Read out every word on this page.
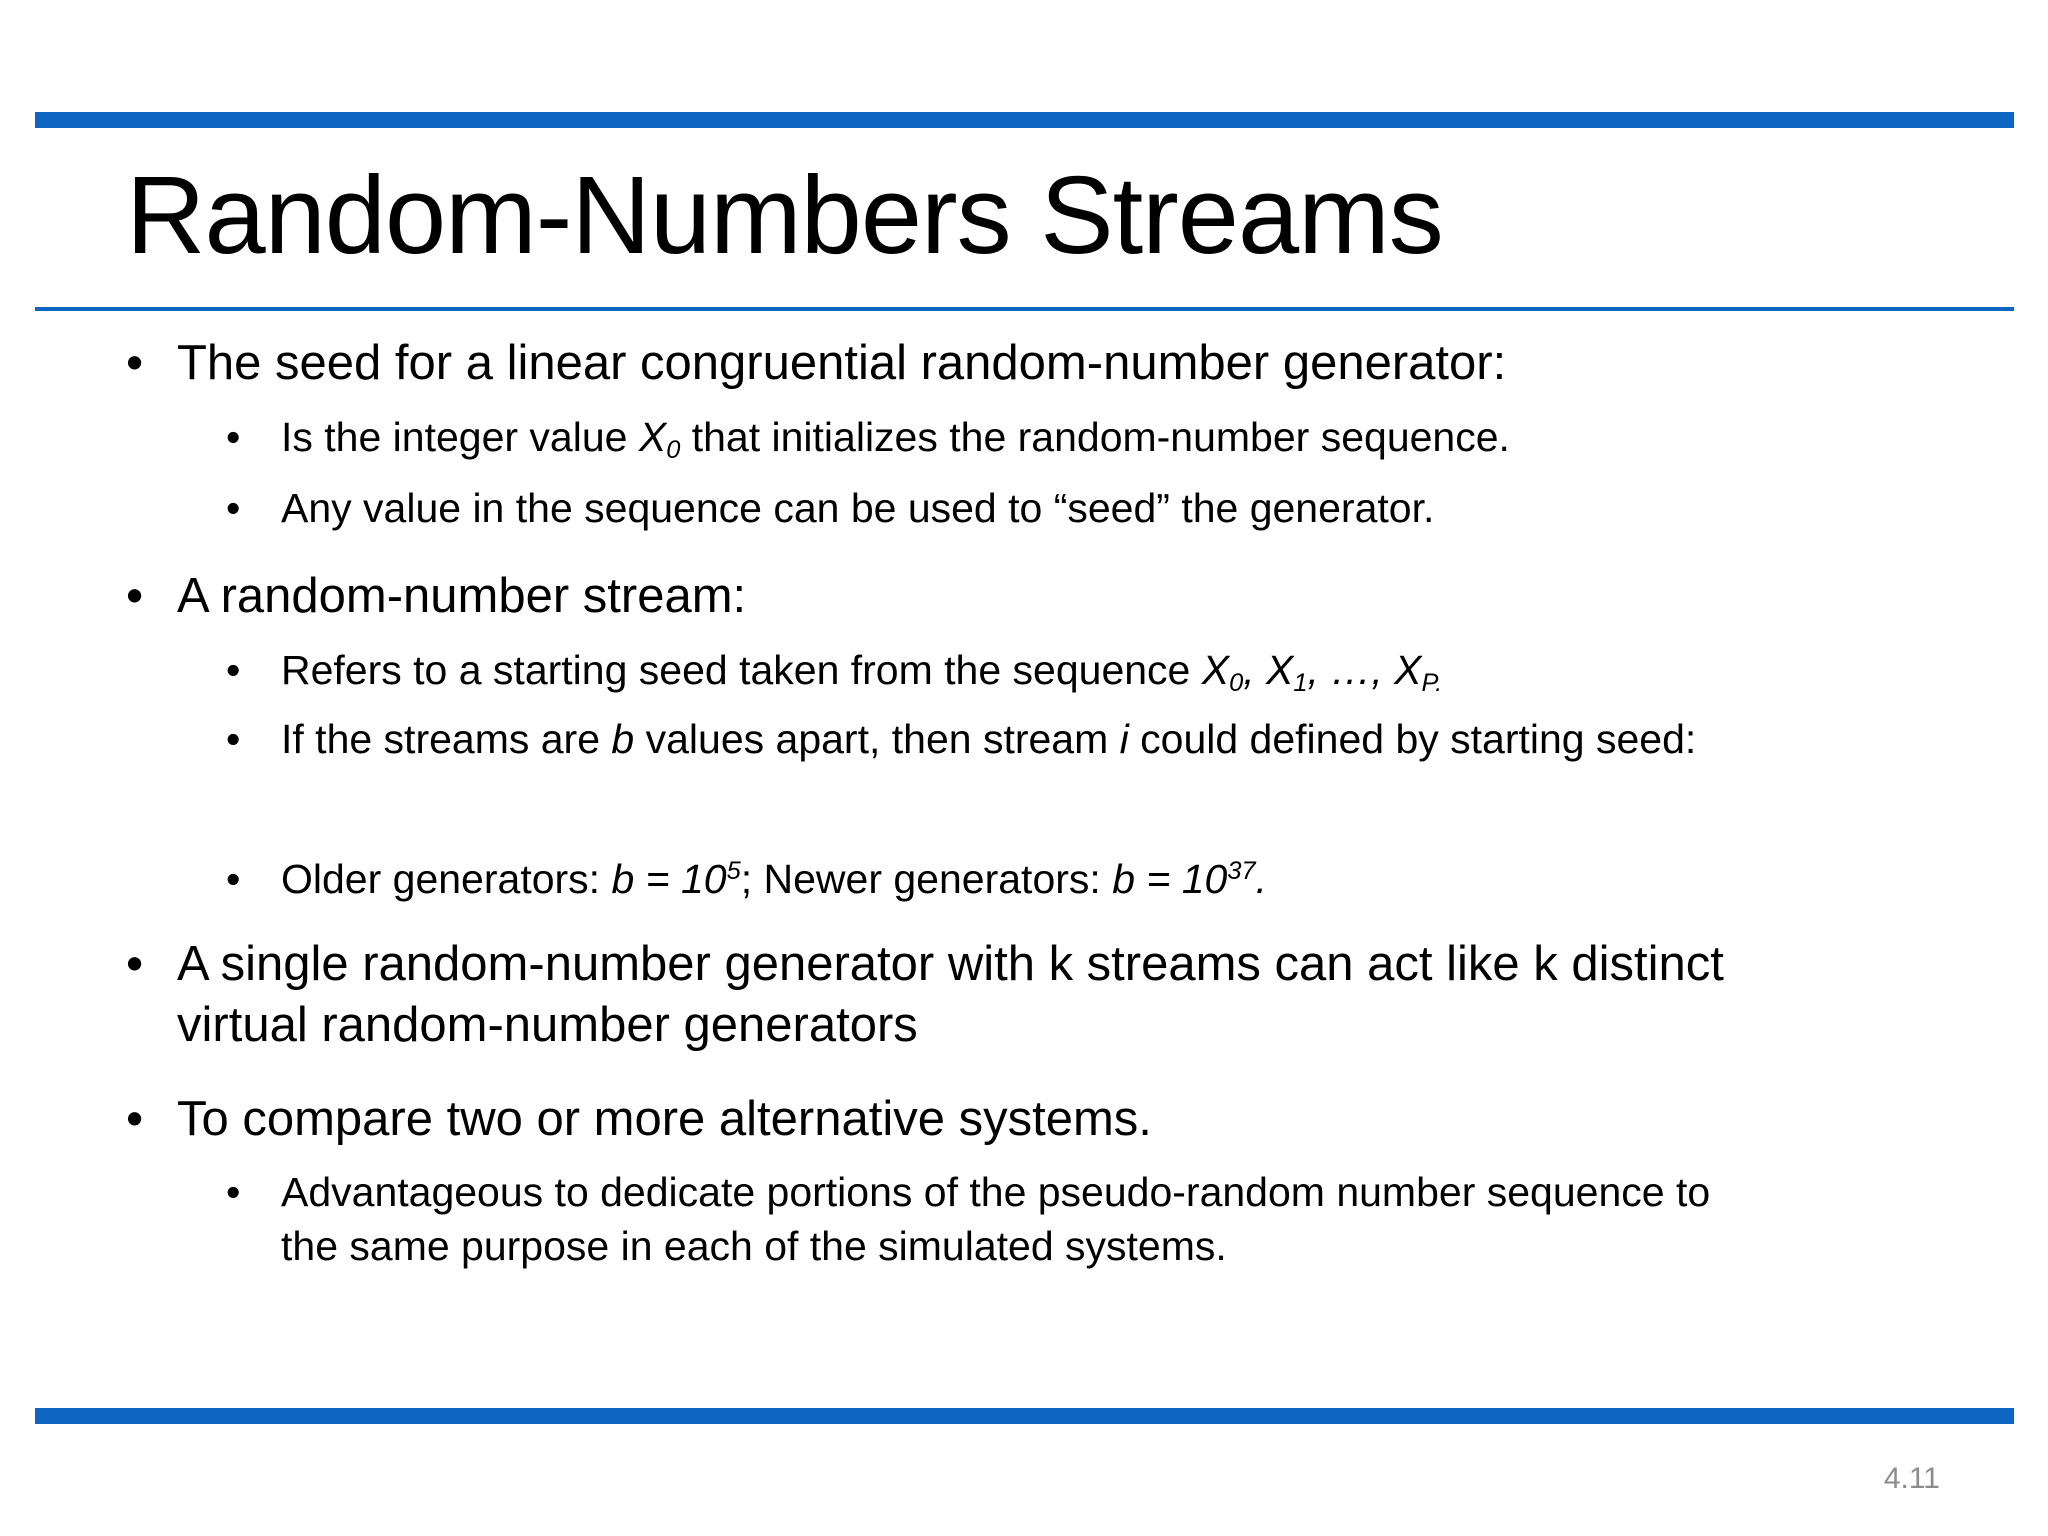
Random-Numbers Streams
• The seed for a linear congruential random-number generator:
• Is the integer value $X_0$ that initializes the random-number sequence.
• Any value in the sequence can be used to “seed” the generator.
• A random-number stream:
• Refers to a starting seed taken from the sequence $X_0$, $X_1$, …, $X_{P.}$
• If the streams are b values apart, then stream i could defined by starting seed:
• Older generators: $b = 10^5$; Newer generators: $b = 10^{37}$.
• A single random-number generator with k streams can act like k distinct
virtual random-number generators
• To compare two or more alternative systems.
• Advantageous to dedicate portions of the pseudo-random number sequence to
the same purpose in each of the simulated systems.
4.11
